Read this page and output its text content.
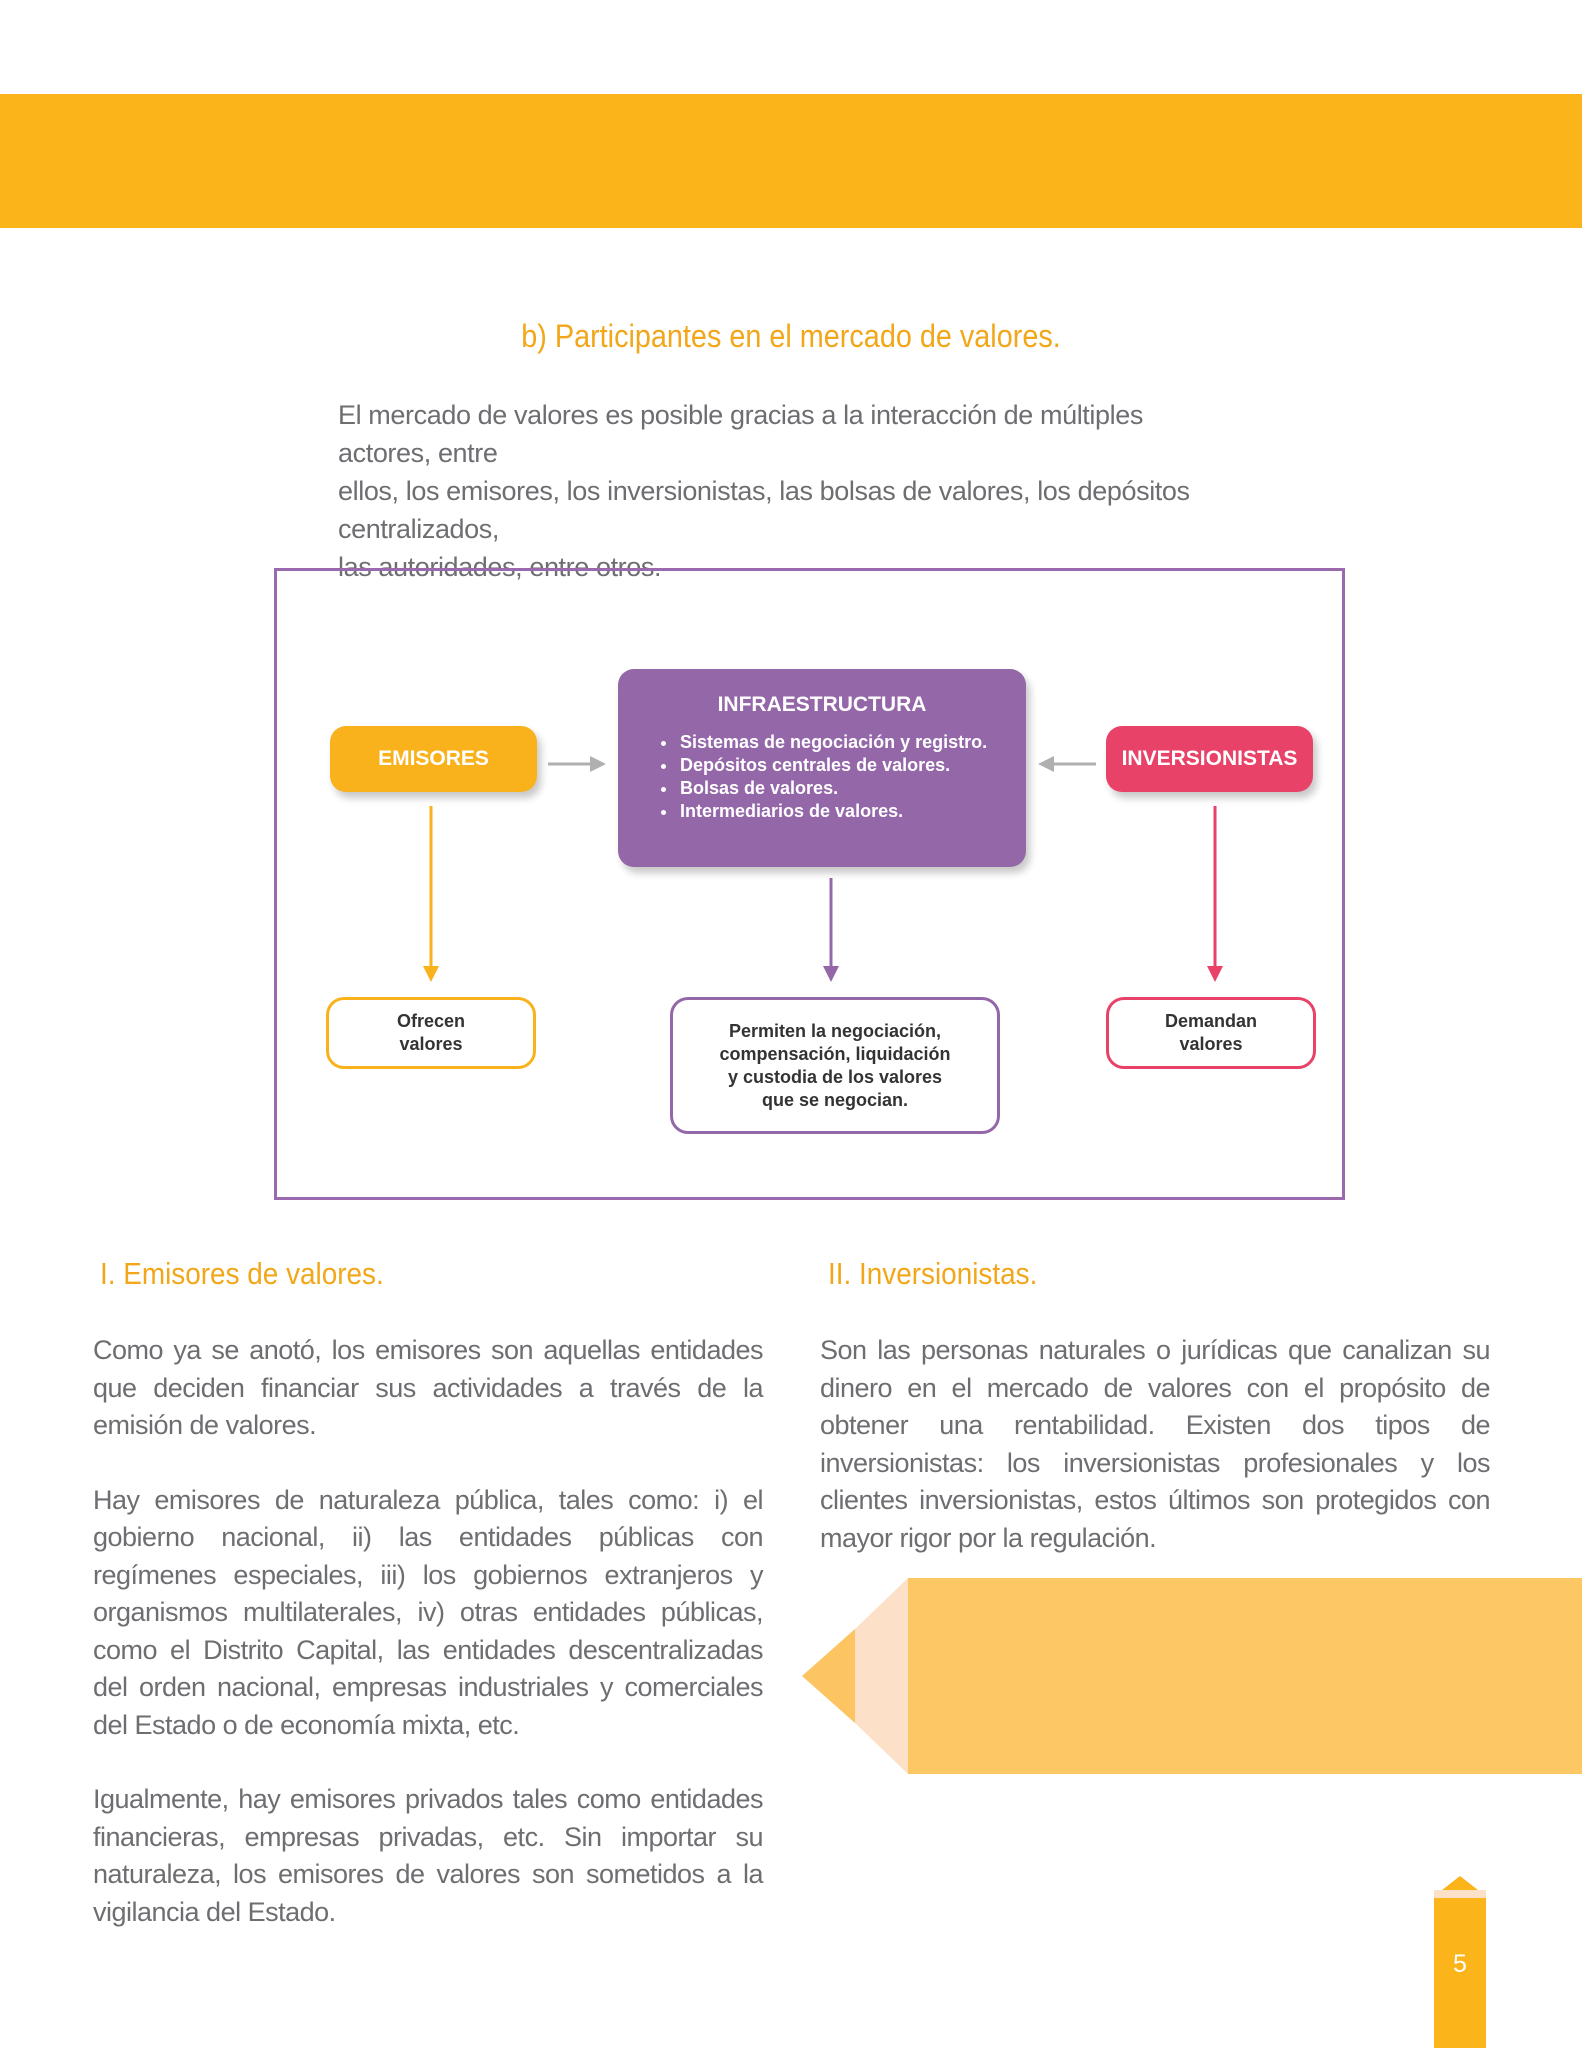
b) Participantes en el mercado de valores.
El mercado de valores es posible gracias a la interacción de múltiples actores, entre
ellos, los emisores, los inversionistas, las bolsas de valores, los depósitos centralizados,
las autoridades, entre otros.
EMISORES
INFRAESTRUCTURA
• Sistemas de negociación y registro.
• Depósitos centrales de valores.
• Bolsas de valores.
• Intermediarios de valores.
INVERSIONISTAS
Ofrecen
valores
Permiten la negociación,
compensación, liquidación
y custodia de los valores
que se negocian.
Demandan
valores
I. Emisores de valores.

Como ya se anotó, los emisores son aquellas entidades que deciden financiar sus actividades a través de la emisión de valores.

Hay emisores de naturaleza pública, tales como: i) el gobierno nacional, ii) las entidades públicas con regímenes especiales, iii) los gobiernos extranjeros y organismos multilaterales, iv) otras entidades públicas, como el Distrito Capital, las entidades descentralizadas del orden nacional, empresas industriales y comerciales del Estado o de economía mixta, etc.

Igualmente, hay emisores privados tales como entidades financieras, empresas privadas, etc. Sin importar su naturaleza, los emisores de valores son sometidos a la vigilancia del Estado.

II. Inversionistas.

Son las personas naturales o jurídicas que canalizan su dinero en el mercado de valores con el propósito de obtener una rentabilidad. Existen dos tipos de inversionistas: los inversionistas profesionales y los clientes inversionistas, estos últimos son protegidos con mayor rigor por la regulación.

5
